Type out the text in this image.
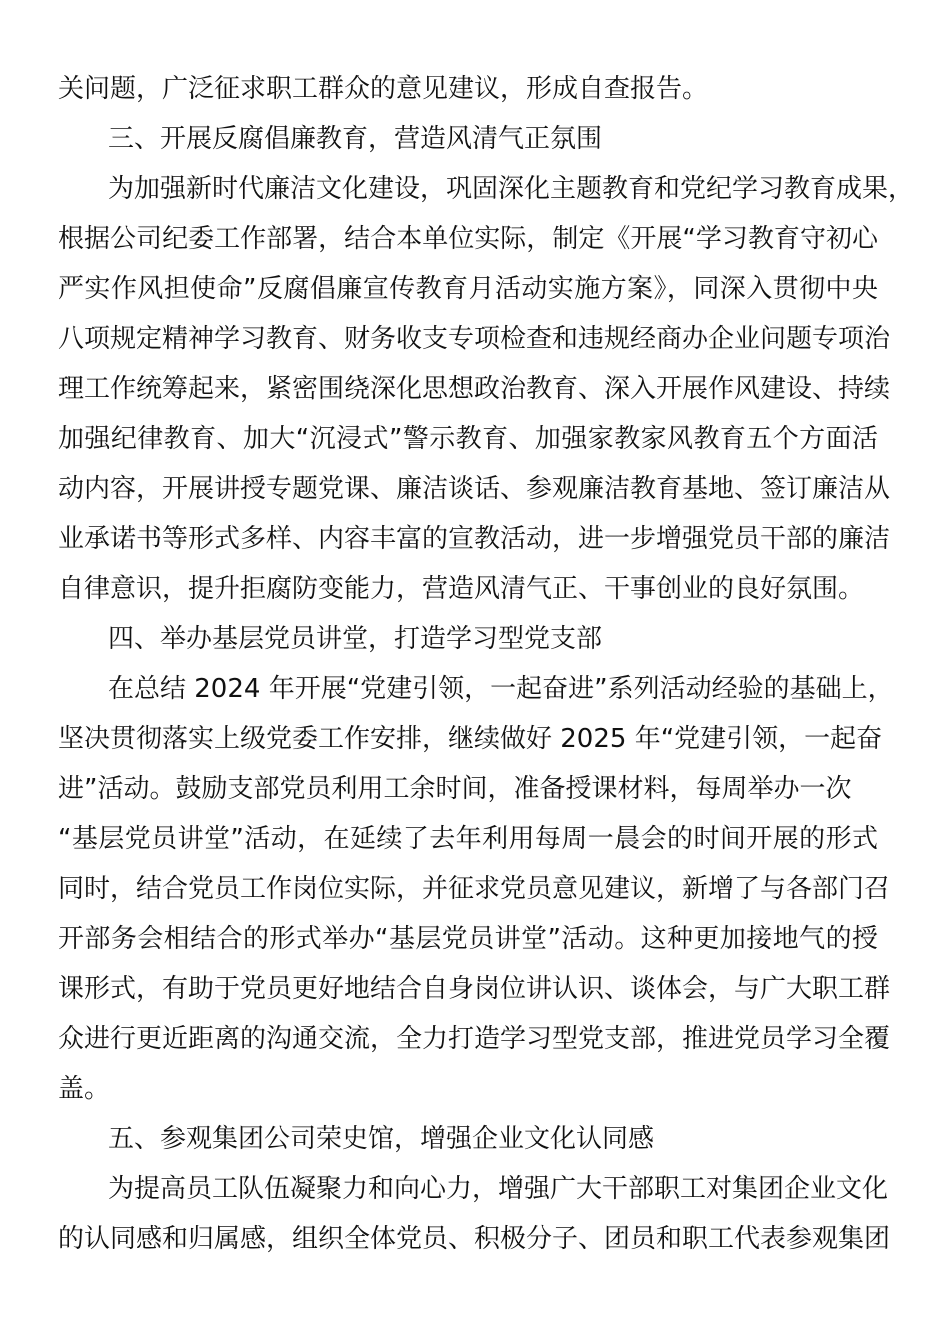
关问题，广泛征求职工群众的意见建议，形成自查报告。
三、开展反腐倡廉教育，营造风清气正氛围
为加强新时代廉洁文化建设，巩固深化主题教育和党纪学习教育成果，
根据公司纪委工作部署，结合本单位实际，制定《开展“学习教育守初心
严实作风担使命”反腐倡廉宣传教育月活动实施方案》，同深入贯彻中央
八项规定精神学习教育、财务收支专项检查和违规经商办企业问题专项治
理工作统筹起来，紧密围绕深化思想政治教育、深入开展作风建设、持续
加强纪律教育、加大“沉浸式”警示教育、加强家教家风教育五个方面活
动内容，开展讲授专题党课、廉洁谈话、参观廉洁教育基地、签订廉洁从
业承诺书等形式多样、内容丰富的宣教活动，进一步增强党员干部的廉洁
自律意识，提升拒腐防变能力，营造风清气正、干事创业的良好氛围。
四、举办基层党员讲堂，打造学习型党支部
在总结 2024 年开展“党建引领，一起奋进”系列活动经验的基础上，
坚决贯彻落实上级党委工作安排，继续做好 2025 年“党建引领，一起奋
进”活动。鼓励支部党员利用工余时间，准备授课材料，每周举办一次
“基层党员讲堂”活动，在延续了去年利用每周一晨会的时间开展的形式
同时，结合党员工作岗位实际，并征求党员意见建议，新增了与各部门召
开部务会相结合的形式举办“基层党员讲堂”活动。这种更加接地气的授
课形式，有助于党员更好地结合自身岗位讲认识、谈体会，与广大职工群
众进行更近距离的沟通交流，全力打造学习型党支部，推进党员学习全覆
盖。
五、参观集团公司荣史馆，增强企业文化认同感
为提高员工队伍凝聚力和向心力，增强广大干部职工对集团企业文化
的认同感和归属感，组织全体党员、积极分子、团员和职工代表参观集团
